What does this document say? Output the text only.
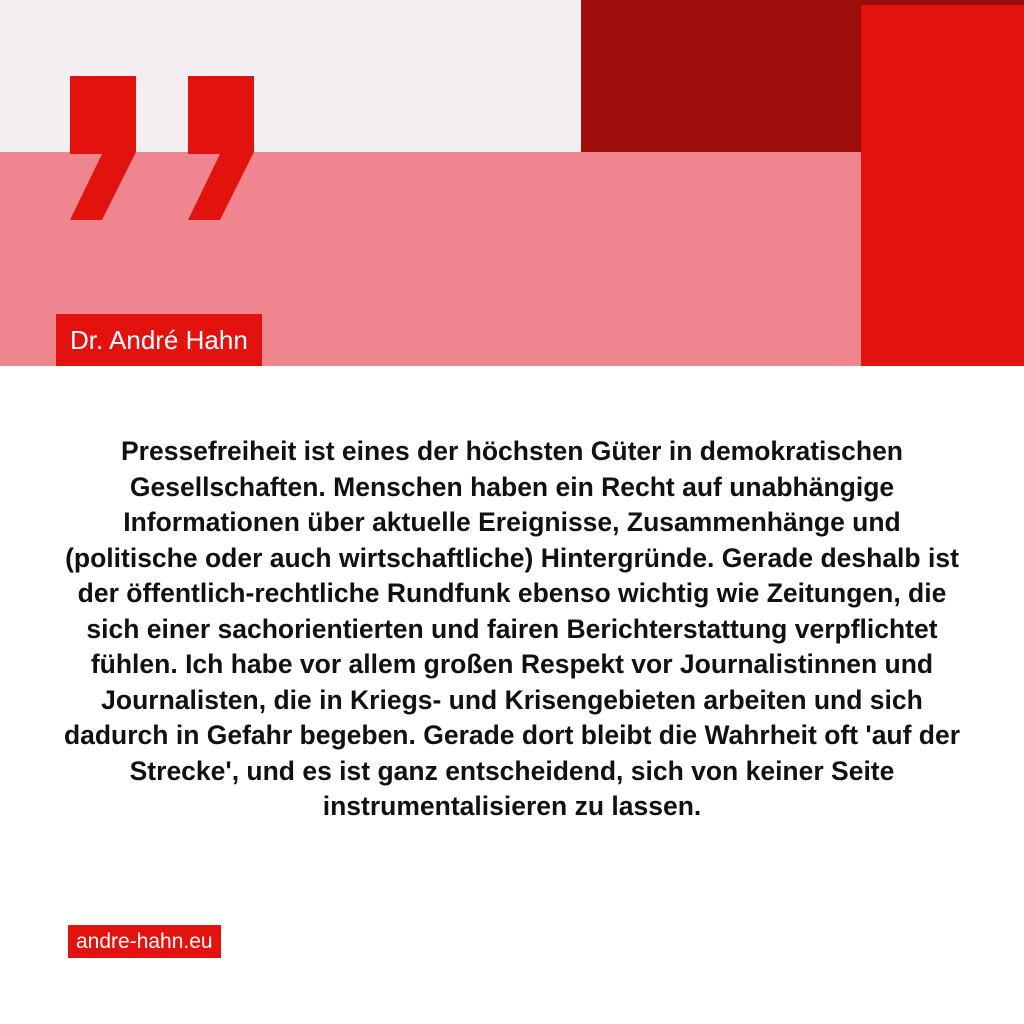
Dr. André Hahn

Pressefreiheit ist eines der höchsten Güter in demokratischen Gesellschaften. Menschen haben ein Recht auf unabhängige Informationen über aktuelle Ereignisse, Zusammenhänge und (politische oder auch wirtschaftliche) Hintergründe. Gerade deshalb ist der öffentlich-rechtliche Rundfunk ebenso wichtig wie Zeitungen, die sich einer sachorientierten und fairen Berichterstattung verpflichtet fühlen. Ich habe vor allem großen Respekt vor Journalistinnen und Journalisten, die in Kriegs- und Krisengebieten arbeiten und sich dadurch in Gefahr begeben. Gerade dort bleibt die Wahrheit oft 'auf der Strecke', und es ist ganz entscheidend, sich von keiner Seite instrumentalisieren zu lassen.

andre-hahn.eu
